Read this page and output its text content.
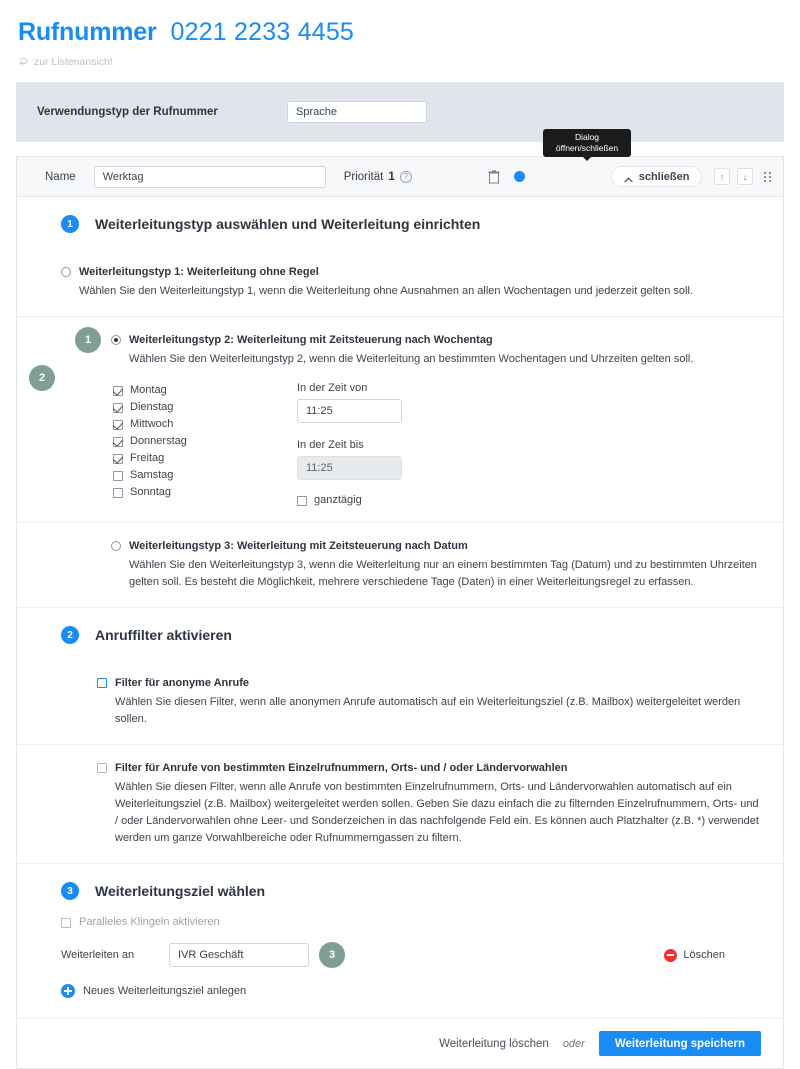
Rufnummer 0221 2233 4455
zur Listenansicht
Verwendungstyp der Rufnummer	Sprache
Dialog öffnen/schließen
Name	Werktag	Priorität 1	?	schließen	↑	↓
1	Weiterleitungstyp auswählen und Weiterleitung einrichten
Weiterleitungstyp 1: Weiterleitung ohne Regel
Wählen Sie den Weiterleitungstyp 1, wenn die Weiterleitung ohne Ausnahmen an allen Wochentagen und jederzeit gelten soll.
1	Weiterleitungstyp 2: Weiterleitung mit Zeitsteuerung nach Wochentag
Wählen Sie den Weiterleitungstyp 2, wenn die Weiterleitung an bestimmten Wochentagen und Uhrzeiten gelten soll.
2
Montag
Dienstag
Mittwoch
Donnerstag
Freitag
Samstag
Sonntag
In der Zeit von
11:25
In der Zeit bis
11:25
ganztägig
Weiterleitungstyp 3: Weiterleitung mit Zeitsteuerung nach Datum
Wählen Sie den Weiterleitungstyp 3, wenn die Weiterleitung nur an einem bestimmten Tag (Datum) und zu bestimmten Uhrzeiten gelten soll. Es besteht die Möglichkeit, mehrere verschiedene Tage (Daten) in einer Weiterleitungsregel zu erfassen.
2	Anruffilter aktivieren
Filter für anonyme Anrufe
Wählen Sie diesen Filter, wenn alle anonymen Anrufe automatisch auf ein Weiterleitungsziel (z.B. Mailbox) weitergeleitet werden sollen.
Filter für Anrufe von bestimmten Einzelrufnummern, Orts- und / oder Ländervorwahlen
Wählen Sie diesen Filter, wenn alle Anrufe von bestimmten Einzelrufnummern, Orts- und Ländervorwahlen automatisch auf ein Weiterleitungsziel (z.B. Mailbox) weitergeleitet werden sollen. Geben Sie dazu einfach die zu filternden Einzelrufnummern, Orts- und / oder Ländervorwahlen ohne Leer- und Sonderzeichen in das nachfolgende Feld ein. Es können auch Platzhalter (z.B. *) verwendet werden um ganze Vorwahlbereiche oder Rufnummerngassen zu filtern.
3	Weiterleitungsziel wählen
Paralleles Klingeln aktivieren
Weiterleiten an	IVR Geschäft	3	Löschen
Neues Weiterleitungsziel anlegen
Weiterleitung löschen oder	Weiterleitung speichern
